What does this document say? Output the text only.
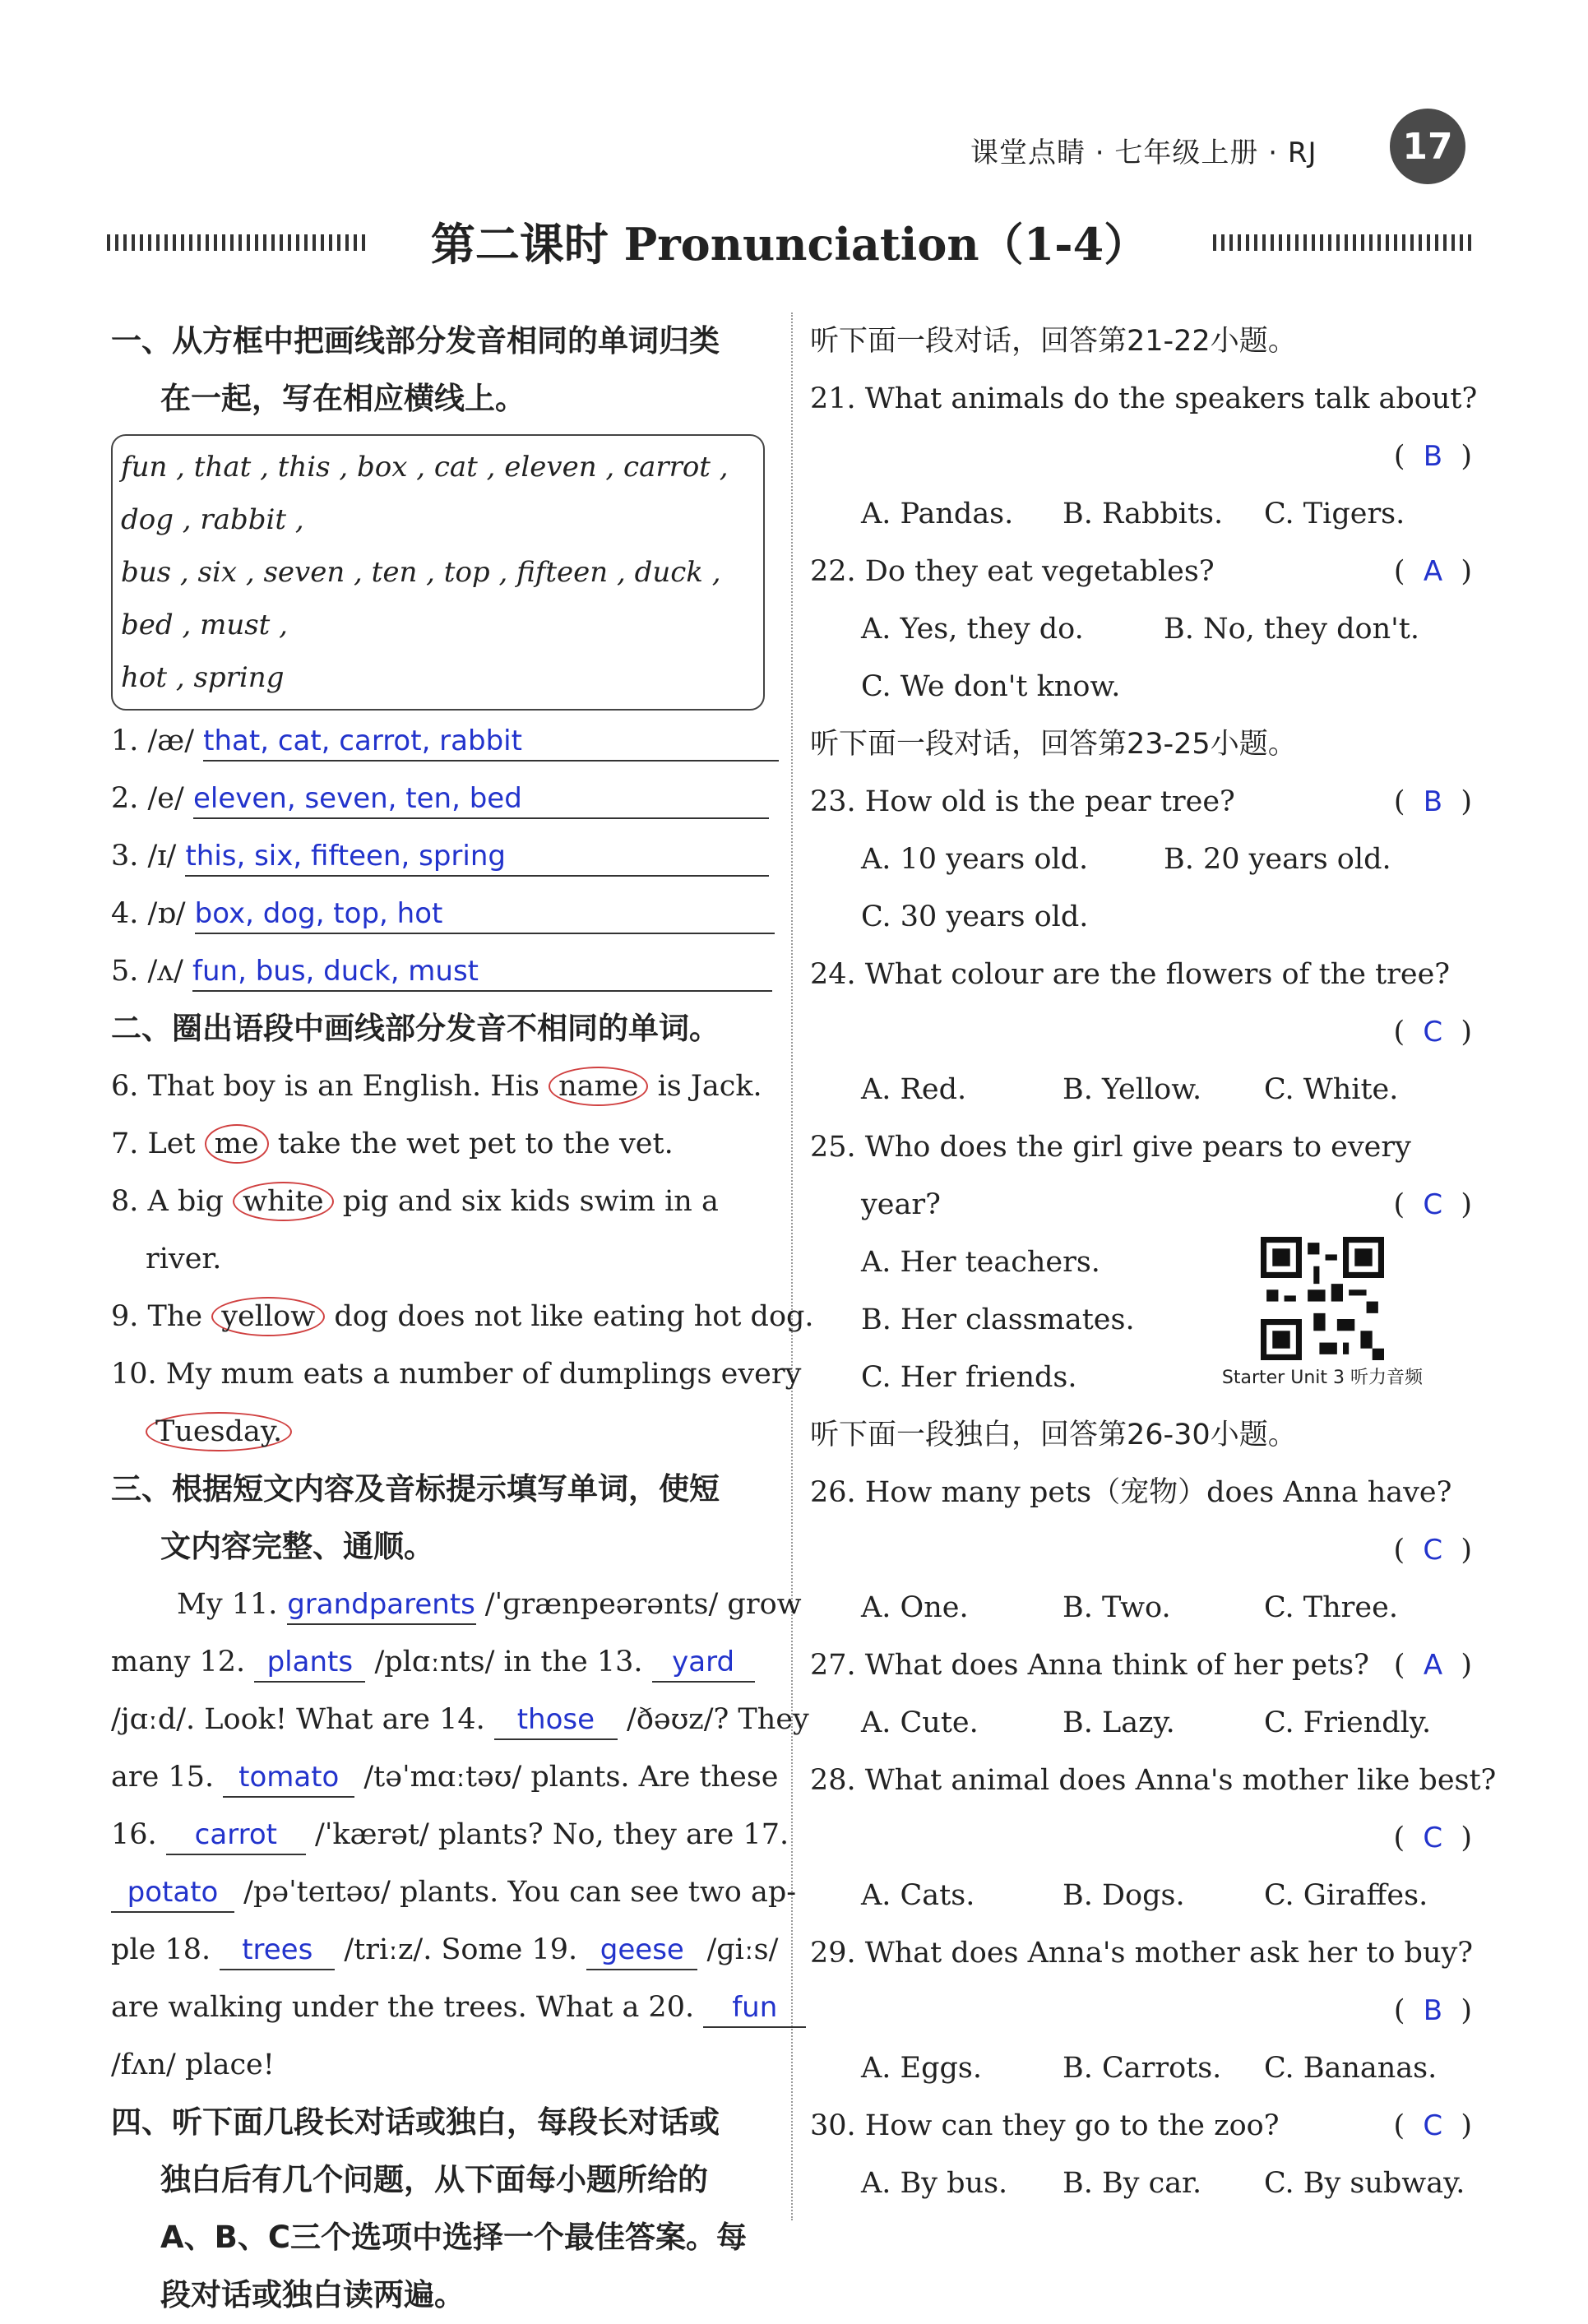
课堂点睛 · 七年级上册 · RJ	17
第二课时 Pronunciation（1-4）
一、从方框中把画线部分发音相同的单词归类
在一起，写在相应横线上。
fun , that , this , box , cat , eleven , carrot , dog , rabbit ,
bus , six , seven , ten , top , fifteen , duck , bed , must ,
hot , spring
1. /æ/ that, cat, carrot, rabbit
2. /e/ eleven, seven, ten, bed
3. /ɪ/ this, six, fifteen, spring
4. /ɒ/ box, dog, top, hot
5. /ʌ/ fun, bus, duck, must
二、圈出语段中画线部分发音不相同的单词。
6. That boy is an English. His name is Jack.
7. Let me take the wet pet to the vet.
8. A big white pig and six kids swim in a
river.
9. The yellow dog does not like eating hot dog.
10. My mum eats a number of dumplings every
Tuesday.
三、根据短文内容及音标提示填写单词，使短
文内容完整、通顺。
My 11. grandparents /ˈɡrænpeərənts/ grow
many 12. plants /plɑːnts/ in the 13. yard
/jɑːd/. Look! What are 14. those /ðəʊz/? They
are 15. tomato /təˈmɑːtəʊ/ plants. Are these
16. carrot /ˈkærət/ plants? No, they are 17.
potato /pəˈteɪtəʊ/ plants. You can see two ap-
ple 18. trees /triːz/. Some 19. geese /ɡiːs/
are walking under the trees. What a 20. fun
/fʌn/ place!
四、听下面几段长对话或独白，每段长对话或
独白后有几个问题，从下面每小题所给的
A、B、C三个选项中选择一个最佳答案。每
段对话或独白读两遍。
听下面一段对话，回答第21-22小题。
21. What animals do the speakers talk about?
(  B  )
A. Pandas. B. Rabbits. C. Tigers.
22. Do they eat vegetables?	(  A  )
A. Yes, they do.	B. No, they don't.
C. We don't know.
听下面一段对话，回答第23-25小题。
23. How old is the pear tree?	(  B  )
A. 10 years old.	B. 20 years old.
C. 30 years old.
24. What colour are the flowers of the tree?
(  C  )
A. Red.	B. Yellow. C. White.
25. Who does the girl give pears to every
year?	(  C  )
A. Her teachers.
B. Her classmates.
C. Her friends.	Starter Unit 3 听力音频
听下面一段独白，回答第26-30小题。
26. How many pets（宠物）does Anna have?
(  C  )
A. One.	B. Two.	C. Three.
27. What does Anna think of her pets? (  A  )
A. Cute.	B. Lazy.	C. Friendly.
28. What animal does Anna's mother like best?
(  C  )
A. Cats.	B. Dogs.	C. Giraffes.
29. What does Anna's mother ask her to buy?
(  B  )
A. Eggs.	B. Carrots. C. Bananas.
30. How can they go to the zoo?	(  C  )
A. By bus. B. By car. C. By subway.
